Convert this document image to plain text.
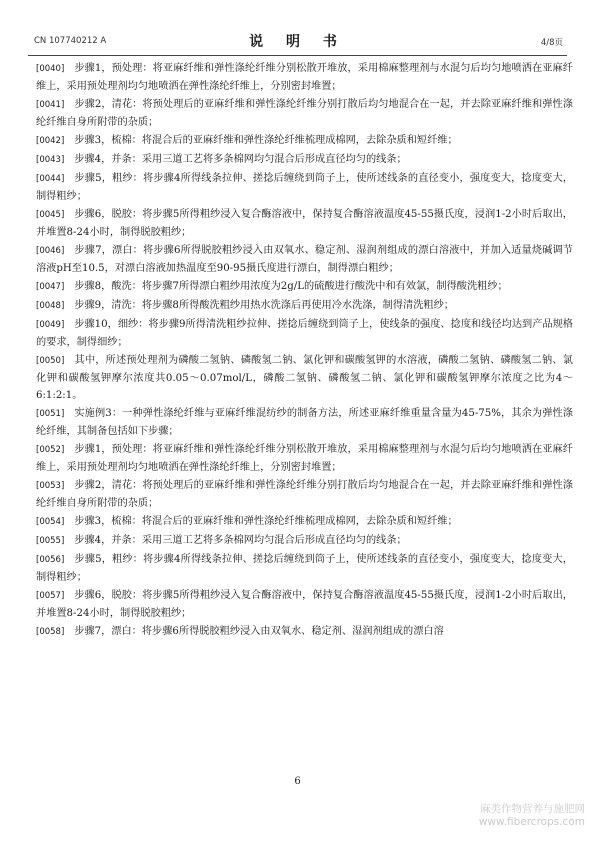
CN 107740212 A	说 明 书	4/8页

[0040] 步骤1，预处理：将亚麻纤维和弹性涤纶纤维分别松散开堆放，采用棉麻整理剂与水混匀后均匀地喷洒在亚麻纤维上，采用预处理剂均匀地喷洒在弹性涤纶纤维上，分别密封堆置；

[0041] 步骤2，清花：将预处理后的亚麻纤维和弹性涤纶纤维分别打散后均匀地混合在一起，并去除亚麻纤维和弹性涤纶纤维自身所附带的杂质；

[0042] 步骤3，梳棉：将混合后的亚麻纤维和弹性涤纶纤维梳理成棉网，去除杂质和短纤维；

[0043] 步骤4，并条：采用三道工艺将多条棉网均匀混合后形成直径均匀的线条；

[0044] 步骤5，粗纱：将步骤4所得线条拉伸、搓捻后缠绕到筒子上，使所述线条的直径变小，强度变大，捻度变大，制得粗纱；

[0045] 步骤6，脱胶：将步骤5所得粗纱浸入复合酶溶液中，保持复合酶溶液温度45-55摄氏度，浸润1-2小时后取出，并堆置8-24小时，制得脱胶粗纱；

[0046] 步骤7，漂白：将步骤6所得脱胶粗纱浸入由双氧水、稳定剂、湿润剂组成的漂白溶液中，并加入适量烧碱调节溶液pH至10.5，对漂白溶液加热温度至90-95摄氏度进行漂白，制得漂白粗纱；

[0047] 步骤8，酸洗：将步骤7所得漂白粗纱用浓度为2g/L的硫酸进行酸洗中和有效氯，制得酸洗粗纱；

[0048] 步骤9，清洗：将步骤8所得酸洗粗纱用热水洗涤后再使用冷水洗涤，制得清洗粗纱；

[0049] 步骤10，细纱：将步骤9所得清洗粗纱拉伸、搓捻后缠绕到筒子上，使线条的强度、捻度和线径均达到产品规格的要求，制得细纱；

[0050] 其中，所述预处理剂为磷酸二氢钠、磷酸氢二钠、氯化钾和碳酸氢钾的水溶液，磷酸二氢钠、磷酸氢二钠、氯化钾和碳酸氢钾摩尔浓度共0.05～0.07mol/L，磷酸二氢钠、磷酸氢二钠、氯化钾和碳酸氢钾摩尔浓度之比为4～6:1:2:1。

[0051] 实施例3：一种弹性涤纶纤维与亚麻纤维混纺纱的制备方法，所述亚麻纤维重量含量为45-75%，其余为弹性涤纶纤维，其制备包括如下步骤；

[0052] 步骤1，预处理：将亚麻纤维和弹性涤纶纤维分别松散开堆放，采用棉麻整理剂与水混匀后均匀地喷洒在亚麻纤维上，采用预处理剂均匀地喷洒在弹性涤纶纤维上，分别密封堆置；

[0053] 步骤2，清花：将预处理后的亚麻纤维和弹性涤纶纤维分别打散后均匀地混合在一起，并去除亚麻纤维和弹性涤纶纤维自身所附带的杂质；

[0054] 步骤3，梳棉：将混合后的亚麻纤维和弹性涤纶纤维梳理成棉网，去除杂质和短纤维；

[0055] 步骤4，并条：采用三道工艺将多条棉网均匀混合后形成直径均匀的线条；

[0056] 步骤5，粗纱：将步骤4所得线条拉伸、搓捻后缠绕到筒子上，使所述线条的直径变小，强度变大，捻度变大，制得粗纱；

[0057] 步骤6，脱胶：将步骤5所得粗纱浸入复合酶溶液中，保持复合酶溶液温度45-55摄氏度，浸润1-2小时后取出，并堆置8-24小时，制得脱胶粗纱；

[0058] 步骤7，漂白：将步骤6所得脱胶粗纱浸入由双氧水、稳定剂、湿润剂组成的漂白溶

6
麻类作物营养与施肥网
www.fibercrops.com
